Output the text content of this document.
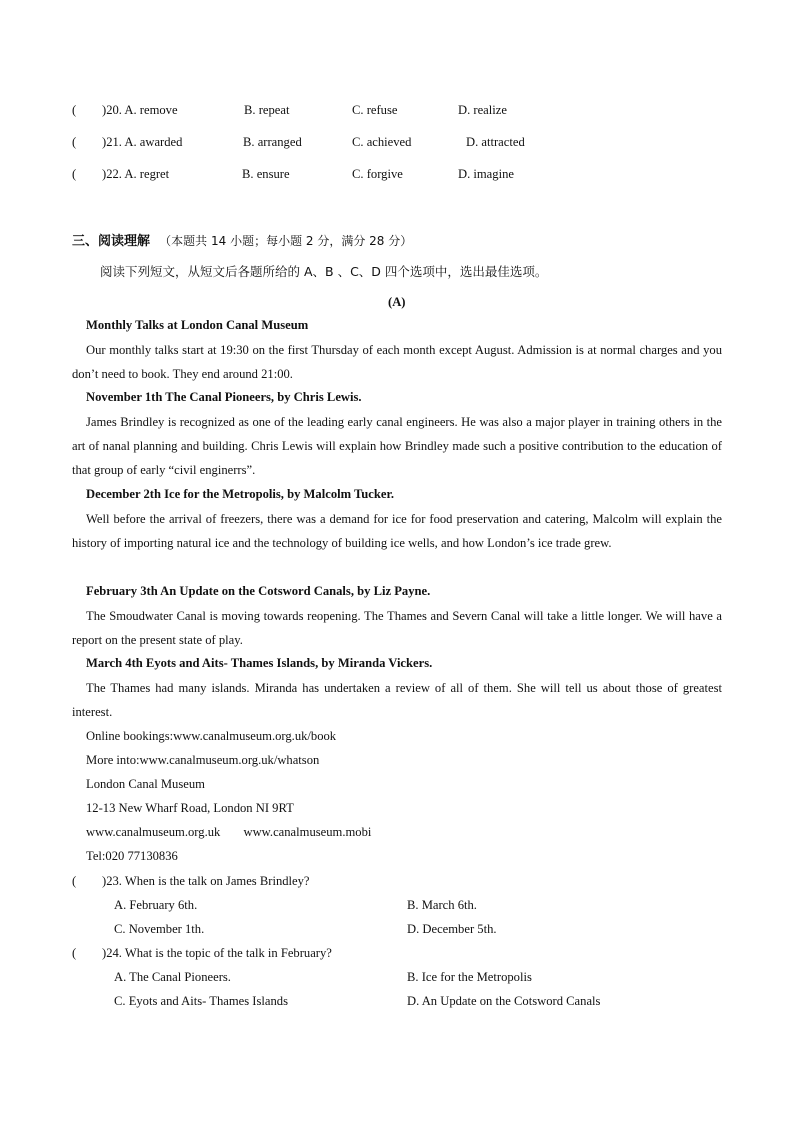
( )20. A. remove	B. repeat	C. refuse	D. realize
( )21. A. awarded	B. arranged	C. achieved	D. attracted
( )22. A. regret	B. ensure	C. forgive	D. imagine
三、阅读理解 （本题共 14 小题；每小题 2 分，满分 28 分）
阅读下列短文，从短文后各题所给的 A、B 、C、D 四个选项中，选出最佳选项。
(A)
Monthly Talks at London Canal Museum
Our monthly talks start at 19:30 on the first Thursday of each month except August. Admission is at normal charges and you don’t need to book. They end around 21:00.
November 1th The Canal Pioneers, by Chris Lewis.
James Brindley is recognized as one of the leading early canal engineers. He was also a major player in training others in the art of nanal planning and building. Chris Lewis will explain how Brindley made such a positive contribution to the education of that group of early “civil enginerrs”.
December 2th Ice for the Metropolis, by Malcolm Tucker.
Well before the arrival of freezers, there was a demand for ice for food preservation and catering, Malcolm will explain the history of importing natural ice and the technology of building ice wells, and how London’s ice trade grew.
February 3th An Update on the Cotsword Canals, by Liz Payne.
The Smoudwater Canal is moving towards reopening. The Thames and Severn Canal will take a little longer. We will have a report on the present state of play.
March 4th Eyots and Aits- Thames Islands, by Miranda Vickers.
The Thames had many islands. Miranda has undertaken a review of all of them. She will tell us about those of greatest interest.
Online bookings:www.canalmuseum.org.uk/book
More into:www.canalmuseum.org.uk/whatson
London Canal Museum
12-13 New Wharf Road, London NI 9RT
www.canalmuseum.org.uk www.canalmuseum.mobi
Tel:020 77130836
( )23. When is the talk on James Brindley?
A. February 6th.	B. March 6th.
C. November 1th.	D. December 5th.
( )24. What is the topic of the talk in February?
A. The Canal Pioneers.	B. Ice for the Metropolis
C. Eyots and Aits- Thames Islands	D. An Update on the Cotsword Canals
